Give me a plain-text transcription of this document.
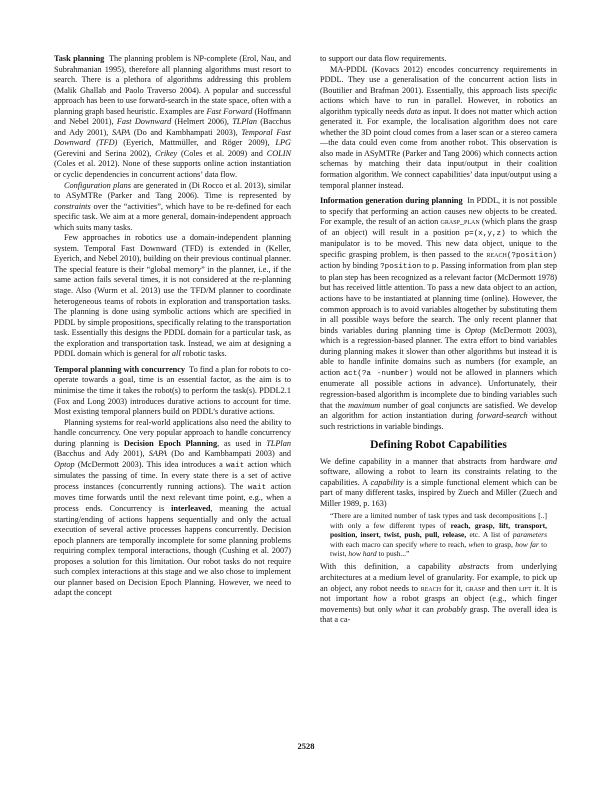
Task planning The planning problem is NP-complete (Erol, Nau, and Subrahmanian 1995), therefore all planning algorithms must resort to search. There is a plethora of algorithms addressing this problem (Malik Ghallab and Paolo Traverso 2004). A popular and successful approach has been to use forward-search in the state space, often with a planning graph based heuristic. Examples are Fast Forward (Hoffmann and Nebel 2001), Fast Downward (Helmert 2006), TLPlan (Bacchus and Ady 2001), SAPA (Do and Kambhampati 2003), Temporal Fast Downward (TFD) (Eyerich, Mattmüller, and Röger 2009), LPG (Gerevini and Serina 2002), Crikey (Coles et al. 2009) and COLIN (Coles et al. 2012). None of these supports online action instantiation or cyclic dependencies in concurrent actions’ data flow.

Configuration plans are generated in (Di Rocco et al. 2013), similar to ASyMTRe (Parker and Tang 2006). Time is represented by constraints over the “activities”, which have to be re-defined for each specific task. We aim at a more general, domain-independent approach which suits many tasks.

Few approaches in robotics use a domain-independent planning system. Temporal Fast Downward (TFD) is extended in (Keller, Eyerich, and Nebel 2010), building on their previous continual planner. The special feature is their “global memory” in the planner, i.e., if the same action fails several times, it is not considered at the re-planning stage. Also (Wurm et al. 2013) use the TFD/M planner to coordinate heterogeneous teams of robots in exploration and transportation tasks. The planning is done using symbolic actions which are specified in PDDL by simple propositions, specifically relating to the transportation task. Essentially this designs the PDDL domain for a particular task, as the exploration and transportation task. Instead, we aim at designing a PDDL domain which is general for all robotic tasks.

Temporal planning with concurrency To find a plan for robots to co-operate towards a goal, time is an essential factor, as the aim is to minimise the time it takes the robot(s) to perform the task(s). PDDL2.1 (Fox and Long 2003) introduces durative actions to account for time. Most existing temporal planners build on PDDL’s durative actions.

Planning systems for real-world applications also need the ability to handle concurrency. One very popular approach to handle concurrency during planning is Decision Epoch Planning, as used in TLPlan (Bacchus and Ady 2001), SAPA (Do and Kambhampati 2003) and Optop (McDermott 2003). This idea introduces a wait action which simulates the passing of time. In every state there is a set of active process instances (concurrently running actions). The wait action moves time forwards until the next relevant time point, e.g., when a process ends. Concurrency is interleaved, meaning the actual starting/ending of actions happens sequentially and only the actual execution of several active processes happens concurrently. Decision epoch planners are temporally incomplete for some planning problems requiring complex temporal interactions, though (Cushing et al. 2007) proposes a solution for this limitation. Our robot tasks do not require such complex interactions at this stage and we also chose to implement our planner based on Decision Epoch Planning. However, we need to adapt the concept

to support our data flow requirements.

MA-PDDL (Kovacs 2012) encodes concurrency requirements in PDDL. They use a generalisation of the concurrent action lists in (Boutilier and Brafman 2001). Essentially, this approach lists specific actions which have to run in parallel. However, in robotics an algorithm typically needs data as input. It does not matter which action generated it. For example, the localisation algorithm does not care whether the 3D point cloud comes from a laser scan or a stereo camera—the data could even come from another robot. This observation is also made in ASyMTRe (Parker and Tang 2006) which connects action schemas by matching their data input/output in their coalition formation algorithm. We connect capabilities’ data input/output using a temporal planner instead.

Information generation during planning In PDDL, it is not possible to specify that performing an action causes new objects to be created. For example, the result of an action grasp_plan (which plans the grasp of an object) will result in a position p=(x,y,z) to which the manipulator is to be moved. This new data object, unique to the specific grasping problem, is then passed to the reach(?position) action by binding ?position to p. Passing information from plan step to plan step has been recognized as a relevant factor (McDermott 1978) but has received little attention. To pass a new data object to an action, actions have to be instantiated at planning time (online). However, the common approach is to avoid variables altogether by substituting them in all possible ways before the search. The only recent planner that binds variables during planning time is Optop (McDermott 2003), which is a regression-based planner. The extra effort to bind variables during planning makes it slower than other algorithms but instead it is able to handle infinite domains such as numbers (for example, an action act(?a -number) would not be allowed in planners which enumerate all possible actions in advance). Unfortunately, their regression-based algorithm is incomplete due to binding variables such that the maximum number of goal conjuncts are satisfied. We develop an algorithm for action instantiation during forward-search without such restrictions in variable bindings.

Defining Robot Capabilities

We define capability in a manner that abstracts from hardware and software, allowing a robot to learn its constraints relating to the capabilities. A capability is a simple functional element which can be part of many different tasks, inspired by Zuech and Miller (Zuech and Miller 1989, p. 163)

“There are a limited number of task types and task decompositions [..] with only a few different types of reach, grasp, lift, transport, position, insert, twist, push, pull, release, etc. A list of parameters with each macro can specify where to reach, when to grasp, how far to twist, how hard to push...”

With this definition, a capability abstracts from underlying architectures at a medium level of granularity. For example, to pick up an object, any robot needs to reach for it, grasp and then lift it. It is not important how a robot grasps an object (e.g., which finger movements) but only what it can probably grasp. The overall idea is that a ca-

2528
